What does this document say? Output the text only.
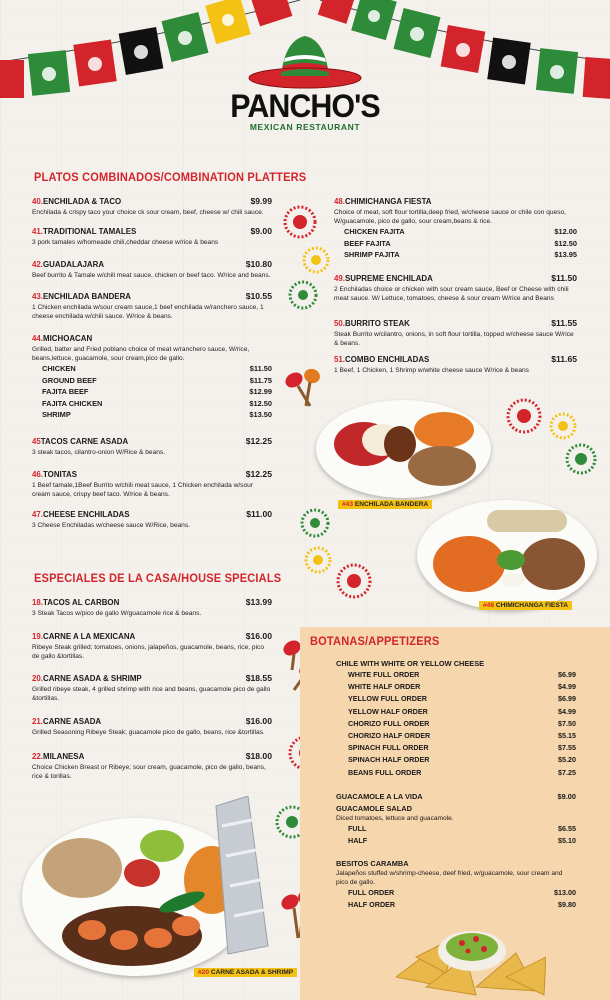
PANCHO'S
MEXICAN RESTAURANT
PLATOS COMBINADOS/COMBINATION PLATTERS
40.ENCHILADA & TACO	$9.99
Enchilada & crispy taco your choice ck sour cream, beef, cheese w/ chili sauce.
41.TRADITIONAL TAMALES	$9.00
3 pork tamales w/homeade chili,cheddar cheese w/rice & beans
42.GUADALAJARA	$10.80
Beef burrito & Tamale w/chili meat sauce, chicken or beef taco. W/rice and beans.
43.ENCHILADA BANDERA	$10.55
1 Chicken enchilada w/sour cream sauce,1 beef enchilada w/ranchero sauce, 1 cheese enchilada w/chili sauce. W/rice & beans.
44.MICHOACAN
Grilled, batter and Fried poblano choice of meat w/ranchero sauce, W/rice, beans,lettuce, guacamole, sour cream,pico de gallo.
CHICKEN	$11.50
GROUND BEEF	$11.75
FAJITA BEEF	$12.99
FAJITA CHICKEN	$12.50
SHRIMP	$13.50
45TACOS CARNE ASADA	$12.25
3 steak tacos, cilantro-onion W/Rice & beans.
46.TONITAS	$12.25
1 Beef tamale,1Beef Burrito w/chili meat sauce, 1 Chicken enchilada w/sour cream sauce, crispy beef taco. W/rice & beans.
47.CHEESE ENCHILADAS	$11.00
3 Cheese Enchiladas w/cheese sauce W/Rice, beans.
48.CHIMICHANGA FIESTA
Choice of meat, soft flour tortilla,deep fried, w/cheese sauce or chile con queso, W/guacamole, pico de gallo, sour cream,beans & rice.
CHICKEN FAJITA	$12.00
BEEF FAJITA	$12.50
SHRIMP FAJITA	$13.95
49.SUPREME ENCHILADA	$11.50
2 Enchiladas choice or chicken with sour cream sauce, Beef or Cheese with chili meat sauce. W/ Lettuce, tomatoes, cheese & sour cream W/rice and Beans
50.BURRITO STEAK	$11.55
Steak Burrito w/cilantro, onions, in soft flour tortilla, topped w/cheese sauce W/rice & beans.
51.COMBO ENCHILADAS	$11.65
1 Beef, 1 Chicken, 1 Shrimp w/white cheese sauce W/rice & beans
ESPECIALES DE LA CASA/HOUSE SPECIALS
18.TACOS AL CARBON	$13.99
3 Steak Tacos w/pico de gallo W/guacamole rice & beans.
19.CARNE A LA MEXICANA	$16.00
Ribeye Steak grilled; tomatoes, onions, jalapeños, guacamole, beans, rice, pico de gallo &tortillas.
20.CARNE ASADA & SHRIMP	$18.55
Grilled ribeye steak, 4 grilled shrimp with rice and beans, guacamole pico de gallo &tortillas.
21.CARNE ASADA	$16.00
Grilled Seasoning Ribeye Steak; guacamole pico de gallo, beans, rice &tortillas.
22.MILANESA	$18.00
Choice Chicken Breast or Ribeye; sour cream, guacamole, pico de gallo, beans, rice & torillas.
#43 ENCHILADA BANDERA
#48 CHIMICHANGA FIESTA
#20 CARNE ASADA & SHRIMP
BOTANAS/APPETIZERS
CHILE WITH WHITE OR YELLOW CHEESE
WHITE FULL ORDER	$6.99
WHITE HALF ORDER	$4.99
YELLOW FULL ORDER	$6.99
YELLOW HALF ORDER	$4.99
CHORIZO FULL ORDER	$7.50
CHORIZO HALF ORDER	$5.15
SPINACH FULL ORDER	$7.55
SPINACH HALF ORDER	$5.20
BEANS FULL ORDER	$7.25
GUACAMOLE A LA VIDA	$9.00
GUACAMOLE SALAD
Diced tomatoes, lettuce and guacamole.
FULL	$6.55
HALF	$5.10
BESITOS CARAMBA
Jalapeños stuffed w/shrimp-cheese, deef fried, w/guacamole, sour cream and pico de gallo.
FULL ORDER	$13.00
HALF ORDER	$9.80
